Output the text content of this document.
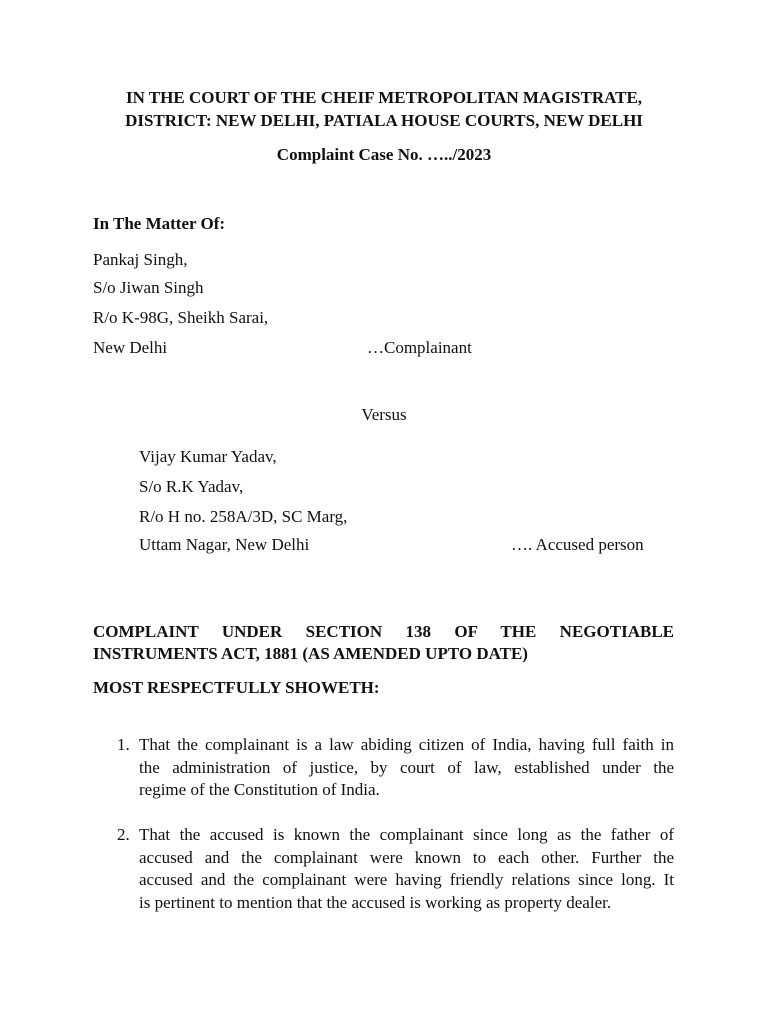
IN THE COURT OF THE CHEIF METROPOLITAN MAGISTRATE,
DISTRICT: NEW DELHI, PATIALA HOUSE COURTS, NEW DELHI
Complaint Case No. …../2023
In The Matter Of:
Pankaj Singh,
S/o Jiwan Singh
R/o K-98G, Sheikh Sarai,
New Delhi	…Complainant
Versus
Vijay Kumar Yadav,
S/o R.K Yadav,
R/o H no. 258A/3D, SC Marg,
Uttam Nagar, New Delhi	…. Accused person
COMPLAINT UNDER SECTION 138 OF THE NEGOTIABLE
INSTRUMENTS ACT, 1881 (AS AMENDED UPTO DATE)
MOST RESPECTFULLY SHOWETH:
1. That the complainant is a law abiding citizen of India, having full faith in
the administration of justice, by court of law, established under the
regime of the Constitution of India.
2. That the accused is known the complainant since long as the father of
accused and the complainant were known to each other. Further the
accused and the complainant were having friendly relations since long. It
is pertinent to mention that the accused is working as property dealer.
